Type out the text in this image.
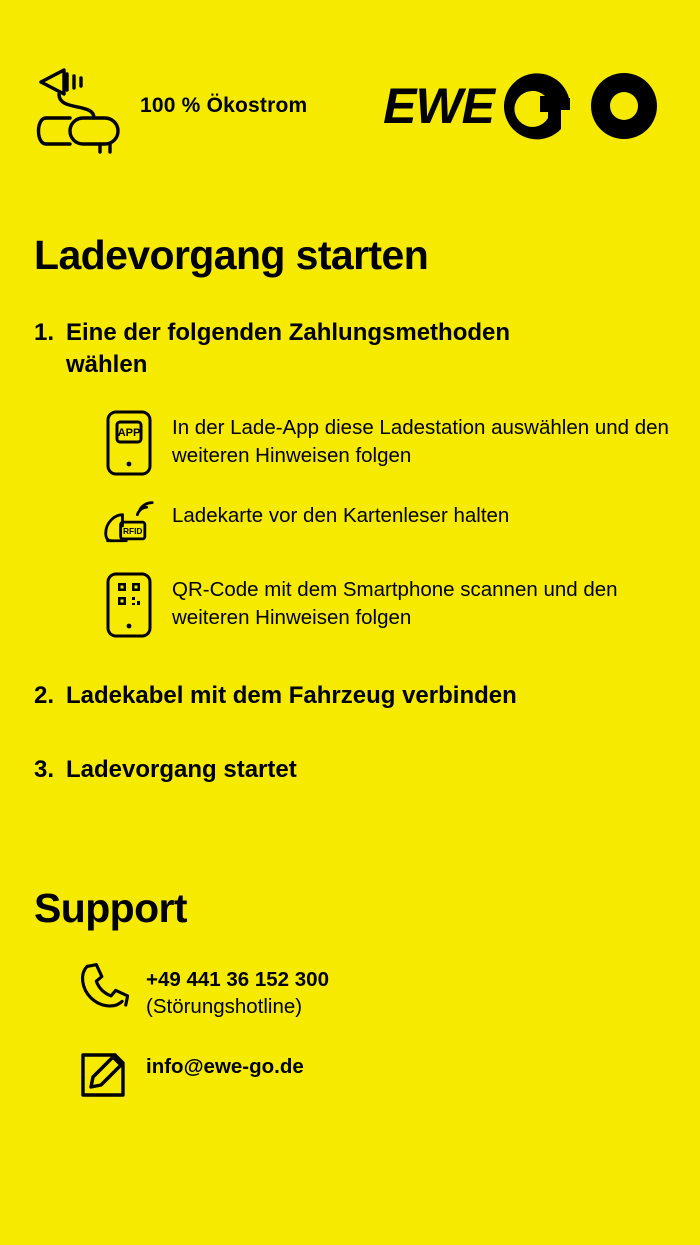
100 % Ökostrom EWE
Ladevorgang starten
1. Eine der folgenden Zahlungsmethoden wählen
APP In der Lade-App diese Ladestation auswählen und den weiteren Hinweisen folgen
RFID
Ladekarte vor den Kartenleser halten
QR-Code mit dem Smartphone scannen und den weiteren Hinweisen folgen
2. Ladekabel mit dem Fahrzeug verbinden
3. Ladevorgang startet
Support
+49 441 36 152 300
(Störungshotline)
info@ewe-go.de
